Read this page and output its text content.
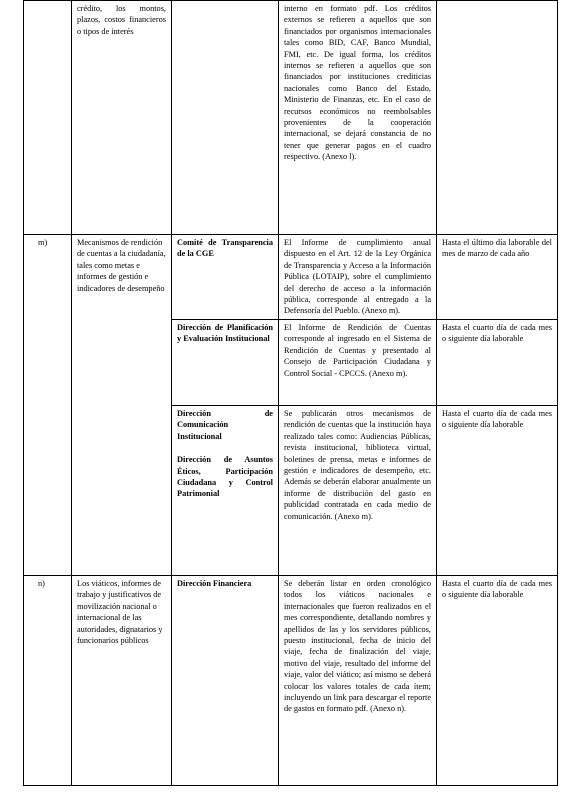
	crédito, los montos, plazos, costos financieros o tipos de interés		interno en formato pdf. Los créditos externos se refieren a aquellos que son financiados por organismos internacionales tales como BID, CAF, Banco Mundial, FMI, etc. De igual forma, los créditos internos se refieren a aquellos que son financiados por instituciones crediticias nacionales como Banco del Estado, Ministerio de Finanzas, etc. En el caso de recursos económicos no reembolsables provenientes de la cooperación internacional, se dejará constancia de no tener que generar pagos en el cuadro respectivo. (Anexo l).	

m)	Mecanismos de rendición de cuentas a la ciudadanía, tales como metas e informes de gestión e indicadores de desempeño	Comité de Transparencia de la CGE	El Informe de cumplimiento anual dispuesto en el Art. 12 de la Ley Orgánica de Transparencia y Acceso a la Información Pública (LOTAIP), sobre el cumplimiento del derecho de acceso a la información pública, corresponde al entregado a la Defensoría del Pueblo. (Anexo m).	Hasta el último día laborable del mes de marzo de cada año

		Dirección de Planificación y Evaluación Institucional	El Informe de Rendición de Cuentas corresponde al ingresado en el Sistema de Rendición de Cuentas y presentado al Consejo de Participación Ciudadana y Control Social - CPCCS. (Anexo m).	Hasta el cuarto día de cada mes o siguiente día laborable

		Dirección de Comunicación Institucional
Dirección de Asuntos Éticos, Participación Ciudadana y Control Patrimonial	Se publicarán otros mecanismos de rendición de cuentas que la institución haya realizado tales como: Audiencias Públicas, revista institucional, biblioteca virtual, boletines de prensa, metas e informes de gestión e indicadores de desempeño, etc. Además se deberán elaborar anualmente un informe de distribución del gasto en publicidad contratada en cada medio de comunicación. (Anexo m).	Hasta el cuarto día de cada mes o siguiente día laborable

n)	Los viáticos, informes de trabajo y justificativos de movilización nacional o internacional de las autoridades, dignatarios y funcionarios públicos	Dirección Financiera	Se deberán listar en orden cronológico todos los viáticos nacionales e internacionales que fueron realizados en el mes correspondiente, detallando nombres y apellidos de las y los servidores públicos, puesto institucional, fecha de inicio del viaje, fecha de finalización del viaje, motivo del viaje, resultado del informe del viaje, valor del viático; así mismo se deberá colocar los valores totales de cada ítem; incluyendo un link para descargar el reporte de gastos en formato pdf. (Anexo n).	Hasta el cuarto día de cada mes o siguiente día laborable
